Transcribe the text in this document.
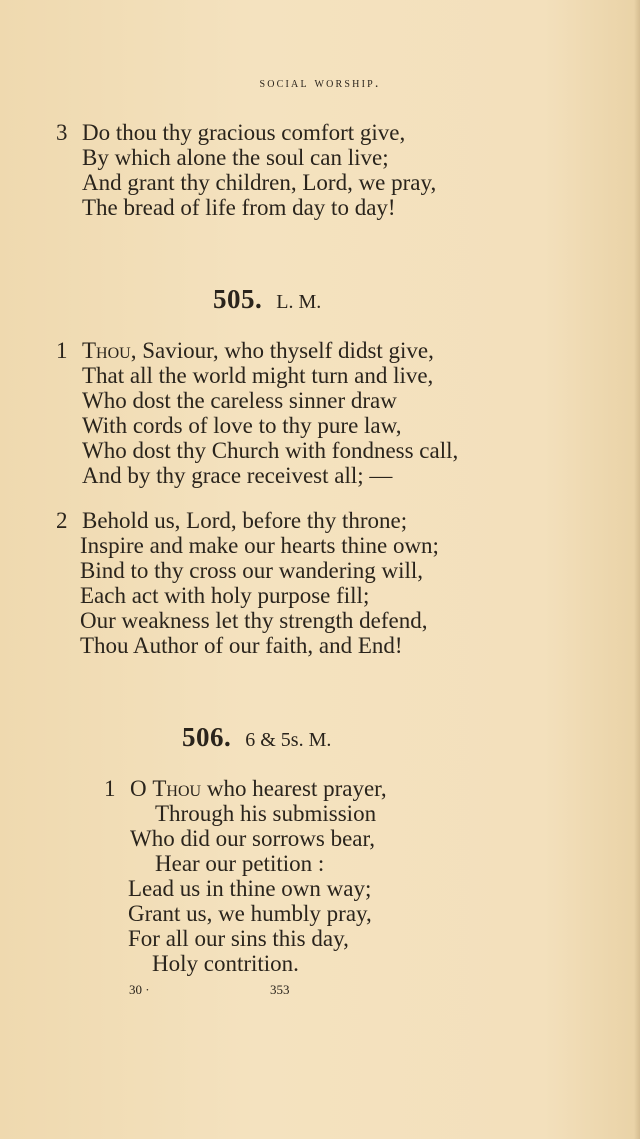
social worship.
3 Do thou thy gracious comfort give,
By which alone the soul can live;
And grant thy children, Lord, we pray,
The bread of life from day to day!
505. L. M.
1 Thou, Saviour, who thyself didst give,
That all the world might turn and live,
Who dost the careless sinner draw
With cords of love to thy pure law,
Who dost thy Church with fondness call,
And by thy grace receivest all; —
2 Behold us, Lord, before thy throne;
Inspire and make our hearts thine own;
Bind to thy cross our wandering will,
Each act with holy purpose fill;
Our weakness let thy strength defend,
Thou Author of our faith, and End!
506. 6 & 5s. M.
1 O Thou who hearest prayer,
Through his submission
Who did our sorrows bear,
Hear our petition :
Lead us in thine own way;
Grant us, we humbly pray,
For all our sins this day,
Holy contrition.
30 ·	353
